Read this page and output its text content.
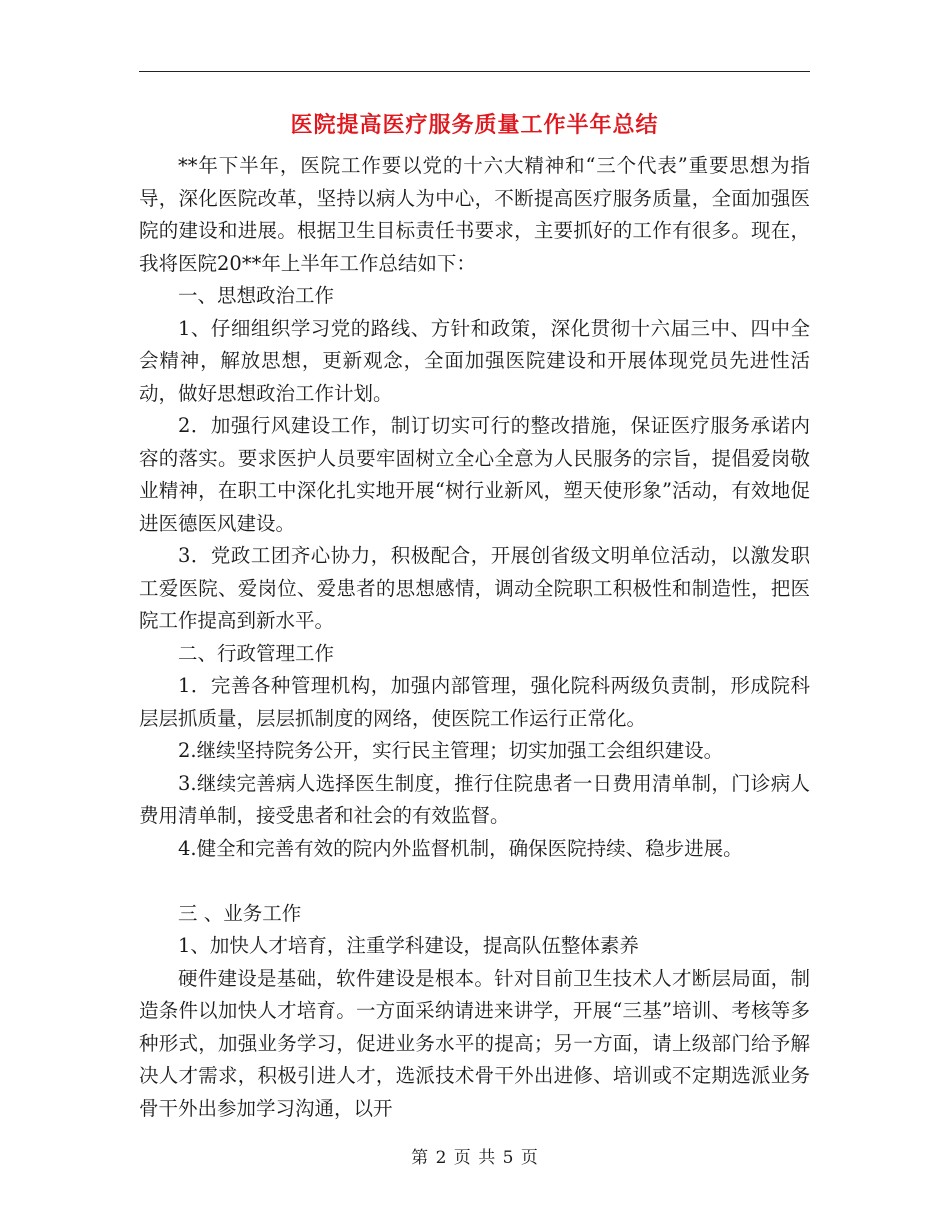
医院提高医疗服务质量工作半年总结

**年下半年，医院工作要以党的十六大精神和“三个代表”重要思想为指导，深化医院改革，坚持以病人为中心，不断提高医疗服务质量，全面加强医院的建设和进展。根据卫生目标责任书要求，主要抓好的工作有很多。现在，我将医院20**年上半年工作总结如下：

一、思想政治工作

1、仔细组织学习党的路线、方针和政策，深化贯彻十六届三中、四中全会精神，解放思想，更新观念，全面加强医院建设和开展体现党员先进性活动，做好思想政治工作计划。

2．加强行风建设工作，制订切实可行的整改措施，保证医疗服务承诺内容的落实。要求医护人员要牢固树立全心全意为人民服务的宗旨，提倡爱岗敬业精神，在职工中深化扎实地开展“树行业新风，塑天使形象”活动，有效地促进医德医风建设。

3．党政工团齐心协力，积极配合，开展创省级文明单位活动，以激发职工爱医院、爱岗位、爱患者的思想感情，调动全院职工积极性和制造性，把医院工作提高到新水平。

二、行政管理工作

1．完善各种管理机构，加强内部管理，强化院科两级负责制，形成院科层层抓质量，层层抓制度的网络，使医院工作运行正常化。

2.继续坚持院务公开，实行民主管理；切实加强工会组织建设。

3.继续完善病人选择医生制度，推行住院患者一日费用清单制，门诊病人费用清单制，接受患者和社会的有效监督。

4.健全和完善有效的院内外监督机制，确保医院持续、稳步进展。

三 、业务工作

1、加快人才培育，注重学科建设，提高队伍整体素养

硬件建设是基础，软件建设是根本。针对目前卫生技术人才断层局面，制造条件以加快人才培育。一方面采纳请进来讲学，开展“三基”培训、考核等多种形式，加强业务学习，促进业务水平的提高；另一方面，请上级部门给予解决人才需求，积极引进人才，选派技术骨干外出进修、培训或不定期选派业务骨干外出参加学习沟通，以开

第 2 页 共 5 页
